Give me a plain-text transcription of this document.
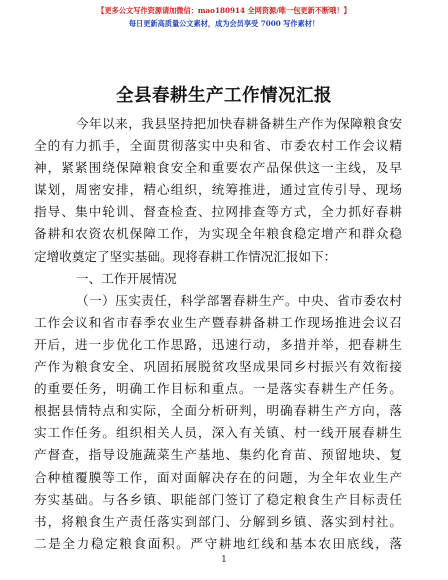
【更多公文写作资源请加微信：mao180914 全网资源/唯一包更新不断哦！】
每日更新高质量公文素材，成为会员享受 7000 写作素材！
全县春耕生产工作情况汇报
今年以来，我县坚持把加快春耕备耕生产作为保障粮食安
全的有力抓手，全面贯彻落实中央和省、市委农村工作会议精
神，紧紧围绕保障粮食安全和重要农产品保供这一主线，及早
谋划，周密安排，精心组织，统筹推进，通过宣传引导、现场
指导、集中轮训、督查检查、拉网排查等方式，全力抓好春耕
备耕和农资农机保障工作，为实现全年粮食稳定增产和群众稳
定增收奠定了坚实基础。现将春耕工作情况汇报如下：
一、工作开展情况
（一）压实责任，科学部署春耕生产。中央、省市委农村
工作会议和省市春季农业生产暨春耕备耕工作现场推进会议召
开后，进一步优化工作思路，迅速行动，多措并举，把春耕生
产作为粮食安全、巩固拓展脱贫攻坚成果同乡村振兴有效衔接
的重要任务，明确工作目标和重点。一是落实春耕生产任务。
根据县情特点和实际，全面分析研判，明确春耕生产方向，落
实工作任务。组织相关人员，深入有关镇、村一线开展春耕生
产督查，指导设施蔬菜生产基地、集约化育苗、预留地块、复
合种植覆膜等工作，面对面解决存在的问题，为全年农业生产
夯实基础。与各乡镇、职能部门签订了稳定粮食生产目标责任
书，将粮食生产责任落实到部门、分解到乡镇、落实到村社。
二是全力稳定粮食面积。严守耕地红线和基本农田底线，落
1
